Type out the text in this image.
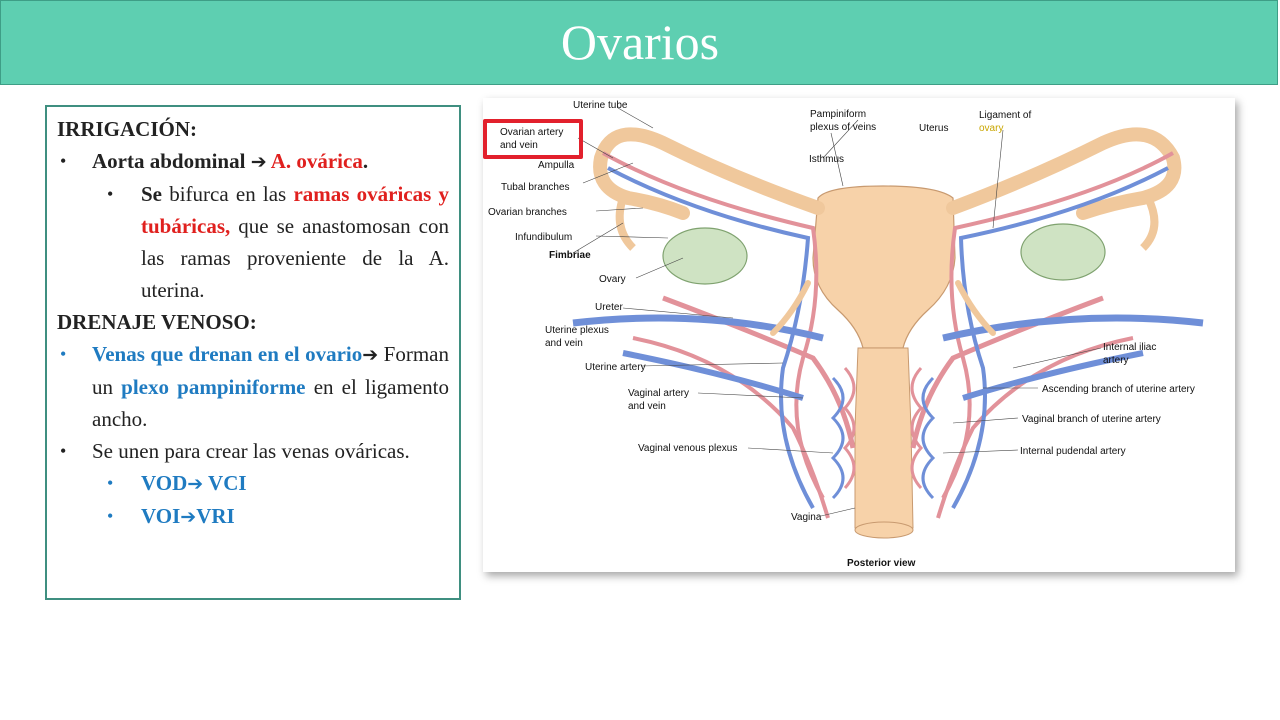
Ovarios
IRRIGACIÓN:
• Aorta abdominal ➔ A. ovárica.
• Se bifurca en las ramas ováricas y tubáricas, que se anastomosan con las ramas proveniente de la A. uterina.
DRENAJE VENOSO:
• Venas que drenan en el ovario➔ Forman un plexo pampiniforme en el ligamento ancho.
• Se unen para crear las venas ováricas.
• VOD➔ VCI
• VOI➔VRI
Uterine tube
Pampiniform
plexus of veins	Uterus
Ligament of
ovary
Ovarian artery
and vein
Isthmus
Ampulla
Tubal branches
Ovarian branches
Infundibulum
Fimbriae
Ovary
Ureter
Uterine plexus
and vein
Uterine artery
Vaginal artery
and vein
Vaginal venous plexus
Internal iliac
artery
Ascending branch of uterine artery
Vaginal branch of uterine artery
Internal pudendal artery
Vagina
Posterior view
